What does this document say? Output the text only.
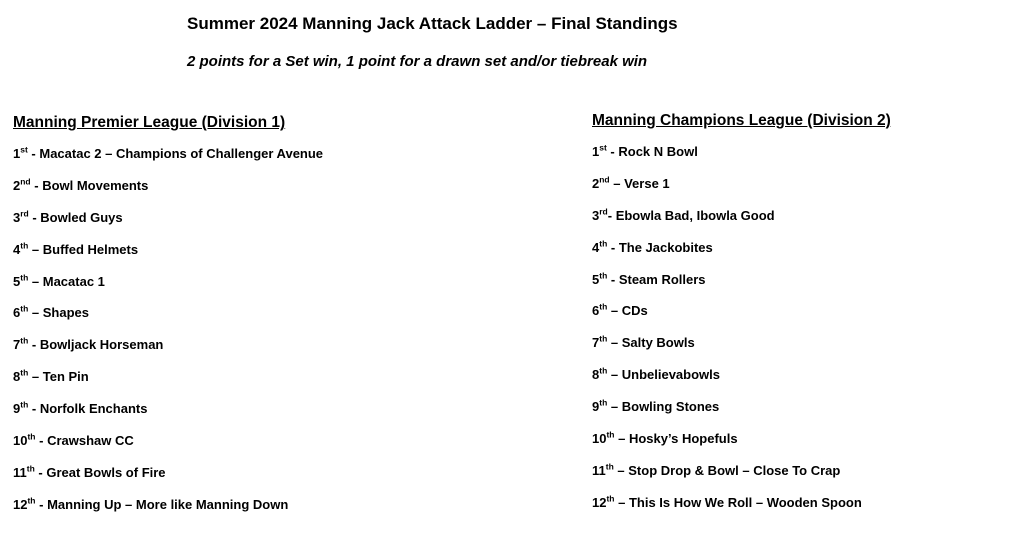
Summer 2024 Manning Jack Attack Ladder – Final Standings

2 points for a Set win, 1 point for a drawn set and/or tiebreak win

Manning Premier League (Division 1)
1st - Macatac 2 – Champions of Challenger Avenue
2nd - Bowl Movements
3rd - Bowled Guys
4th – Buffed Helmets
5th – Macatac 1
6th – Shapes
7th - Bowljack Horseman
8th – Ten Pin
9th - Norfolk Enchants
10th - Crawshaw CC
11th - Great Bowls of Fire
12th - Manning Up – More like Manning Down
Manning Champions League (Division 2)
1st - Rock N Bowl
2nd – Verse 1
3rd- Ebowla Bad, Ibowla Good
4th - The Jackobites
5th - Steam Rollers
6th – CDs
7th – Salty Bowls
8th – Unbelievabowls
9th – Bowling Stones
10th – Hosky’s Hopefuls
11th – Stop Drop & Bowl – Close To Crap
12th – This Is How We Roll – Wooden Spoon
